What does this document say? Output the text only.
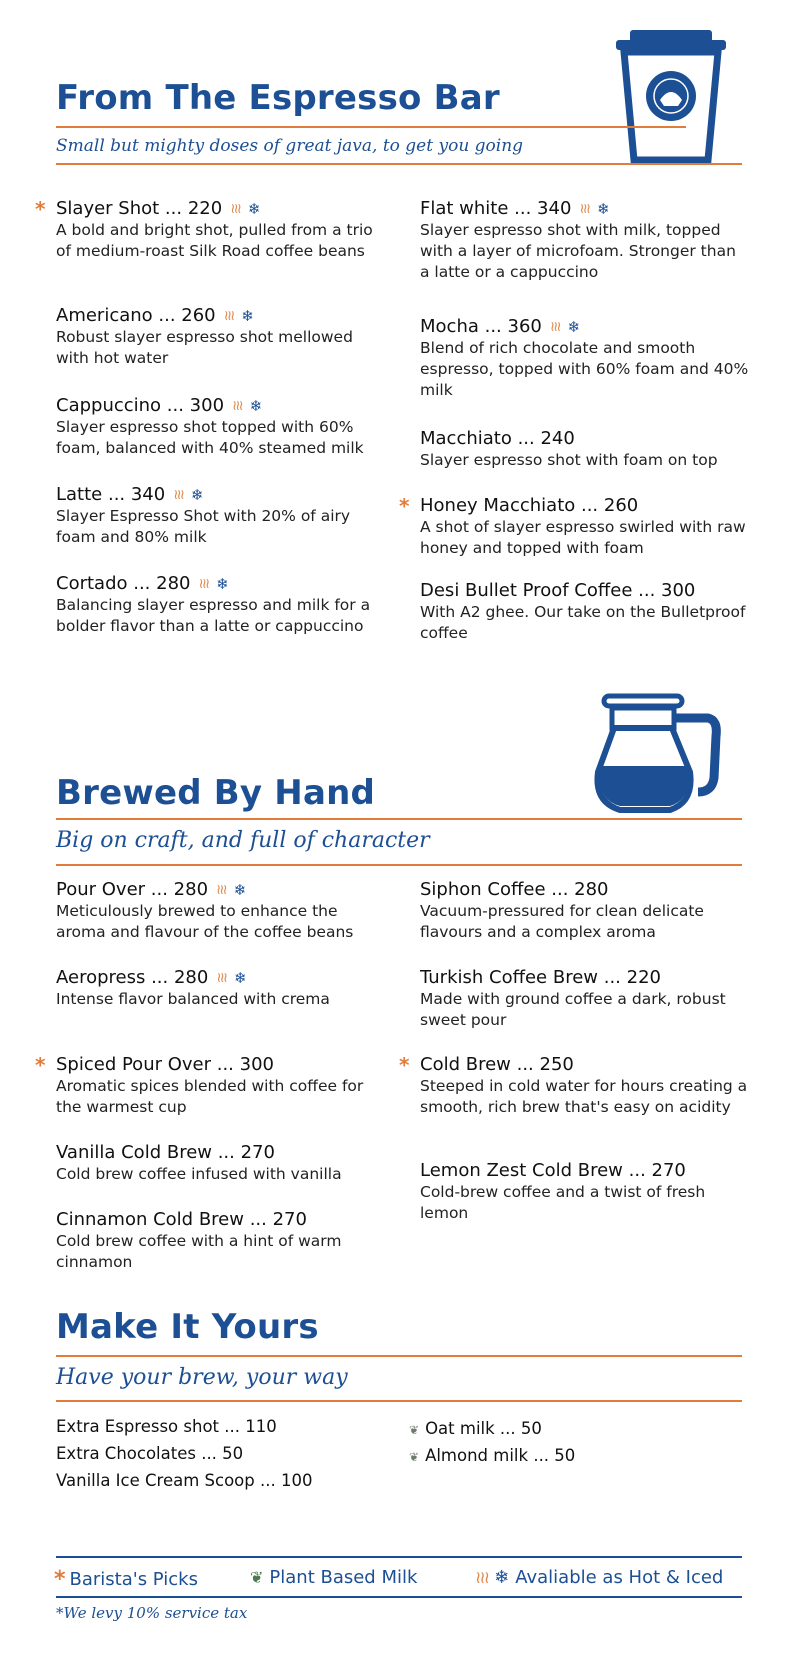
From The Espresso Bar
Small but mighty doses of great java, to get you going
* Slayer Shot ... 220 ≀≀≀ ❄
A bold and bright shot, pulled from a trio of medium-roast Silk Road coffee beans
Americano ... 260 ≀≀≀ ❄
Robust slayer espresso shot mellowed with hot water
Cappuccino ... 300 ≀≀≀ ❄
Slayer espresso shot topped with 60% foam, balanced with 40% steamed milk
Latte ... 340 ≀≀≀ ❄
Slayer Espresso Shot with 20% of airy foam and 80% milk
Cortado ... 280 ≀≀≀ ❄
Balancing slayer espresso and milk for a bolder flavor than a latte or cappuccino
Flat white ... 340 ≀≀≀ ❄
Slayer espresso shot with milk, topped with a layer of microfoam. Stronger than a latte or a cappuccino
Mocha ... 360 ≀≀≀ ❄
Blend of rich chocolate and smooth espresso, topped with 60% foam and 40% milk
Macchiato ... 240
Slayer espresso shot with foam on top
* Honey Macchiato ... 260
A shot of slayer espresso swirled with raw honey and topped with foam
Desi Bullet Proof Coffee ... 300
With A2 ghee. Our take on the Bulletproof coffee
Brewed By Hand
Big on craft, and full of character
Pour Over ... 280 ≀≀≀ ❄
Meticulously brewed to enhance the aroma and flavour of the coffee beans
Aeropress ... 280 ≀≀≀ ❄
Intense flavor balanced with crema
* Spiced Pour Over ... 300
Aromatic spices blended with coffee for the warmest cup
Vanilla Cold Brew ... 270
Cold brew coffee infused with vanilla
Cinnamon Cold Brew ... 270
Cold brew coffee with a hint of warm cinnamon
Siphon Coffee ... 280
Vacuum-pressured for clean delicate flavours and a complex aroma
Turkish Coffee Brew ... 220
Made with ground coffee a dark, robust sweet pour
* Cold Brew ... 250
Steeped in cold water for hours creating a smooth, rich brew that's easy on acidity
Lemon Zest Cold Brew ... 270
Cold-brew coffee and a twist of fresh lemon
Make It Yours
Have your brew, your way
Extra Espresso shot ... 110
Extra Chocolates ... 50
Vanilla Ice Cream Scoop ... 100
❦ Oat milk ... 50
❦ Almond milk ... 50
* Barista's Picks	❦ Plant Based Milk	≀≀≀ ❄ Avaliable as Hot & Iced
*We levy 10% service tax
